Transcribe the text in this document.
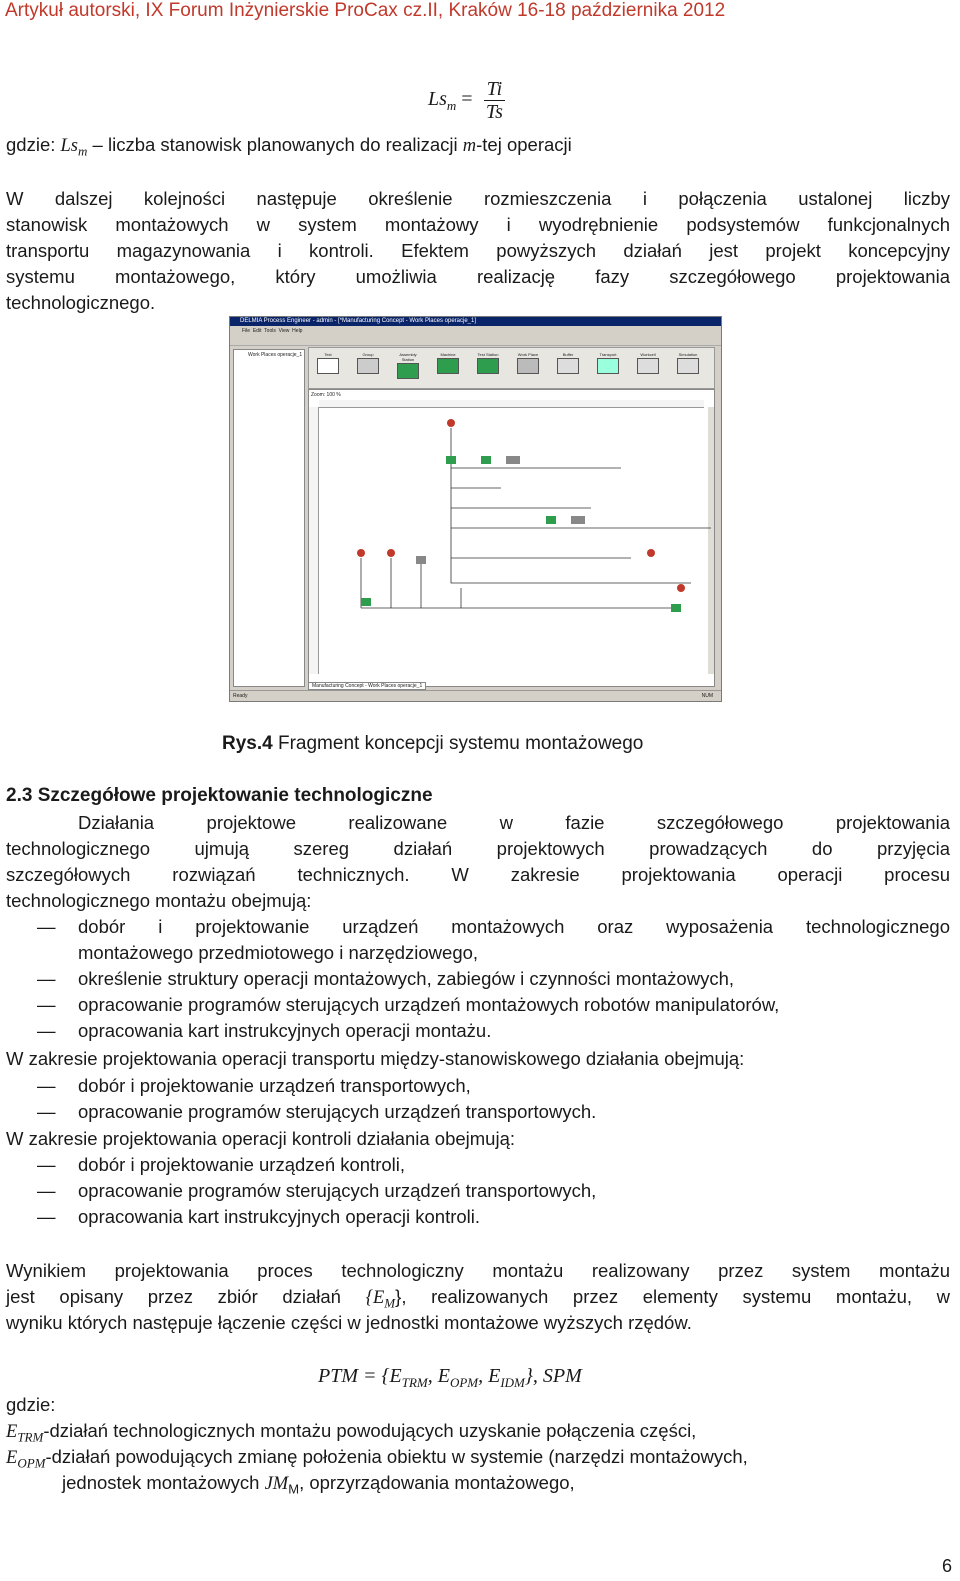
Artykuł autorski, IX Forum Inżynierskie ProCax cz.II, Kraków 16-18 października 2012
$Ls_m = \frac{Ti}{Ts}$
gdzie: $Ls_m$ – liczba stanowisk planowanych do realizacji m-tej operacji
W dalszej kolejności następuje określenie rozmieszczenia i połączenia ustalonej liczby
stanowisk montażowych w system montażowy i wyodrębnienie podsystemów funkcjonalnych
transportu magazynowania i kontroli. Efektem powyższych działań jest projekt koncepcyjny
systemu montażowego, który umożliwia realizację fazy szczegółowego projektowania
technologicznego.
DELMIA Process Engineer - admin - [*Manufacturing Concept - Work Places operacje_1]
File Edit Tools View Help
Work Places operacje_1	Text	Group	Assembly Station
Machine	Test Station	Work Place	Buffer	Transport	Workcell	Simulation
Zoom: 100 %
Manufacturing Concept - Work Places operacje_1
Ready	NUM
Rys.4 Fragment koncepcji systemu montażowego
2.3 Szczegółowe projektowanie technologiczne
Działania projektowe realizowane w fazie szczegółowego projektowania
technologicznego ujmują szereg działań projektowych prowadzących do przyjęcia
szczegółowych rozwiązań technicznych. W zakresie projektowania operacji procesu
technologicznego montażu obejmują:
― dobór i projektowanie urządzeń montażowych oraz wyposażenia technologicznego
montażowego przedmiotowego i narzędziowego,
― określenie struktury operacji montażowych, zabiegów i czynności montażowych,
― opracowanie programów sterujących urządzeń montażowych robotów manipulatorów,
― opracowania kart instrukcyjnych operacji montażu.
W zakresie projektowania operacji transportu między-stanowiskowego działania obejmują:
― dobór i projektowanie urządzeń transportowych,
― opracowanie programów sterujących urządzeń transportowych.
W zakresie projektowania operacji kontroli działania obejmują:
― dobór i projektowanie urządzeń kontroli,
― opracowanie programów sterujących urządzeń transportowych,
― opracowania kart instrukcyjnych operacji kontroli.
Wynikiem projektowania proces technologiczny montażu realizowany przez system montażu
jest opisany przez zbiór działań $\{E_M\}$, realizowanych przez elementy systemu montażu, w
wyniku których następuje łączenie części w jednostki montażowe wyższych rzędów.
PTM = {$E_{TRM}$, $E_{OPM}$, $E_{IDM}$}, SPM
gdzie:
$E_{TRM}$-działań technologicznych montażu powodujących uzyskanie połączenia części,
$E_{OPM}$-działań powodujących zmianę położenia obiektu w systemie (narzędzi montażowych,
jednostek montażowych $JM_M$, oprzyrządowania montażowego,
6
